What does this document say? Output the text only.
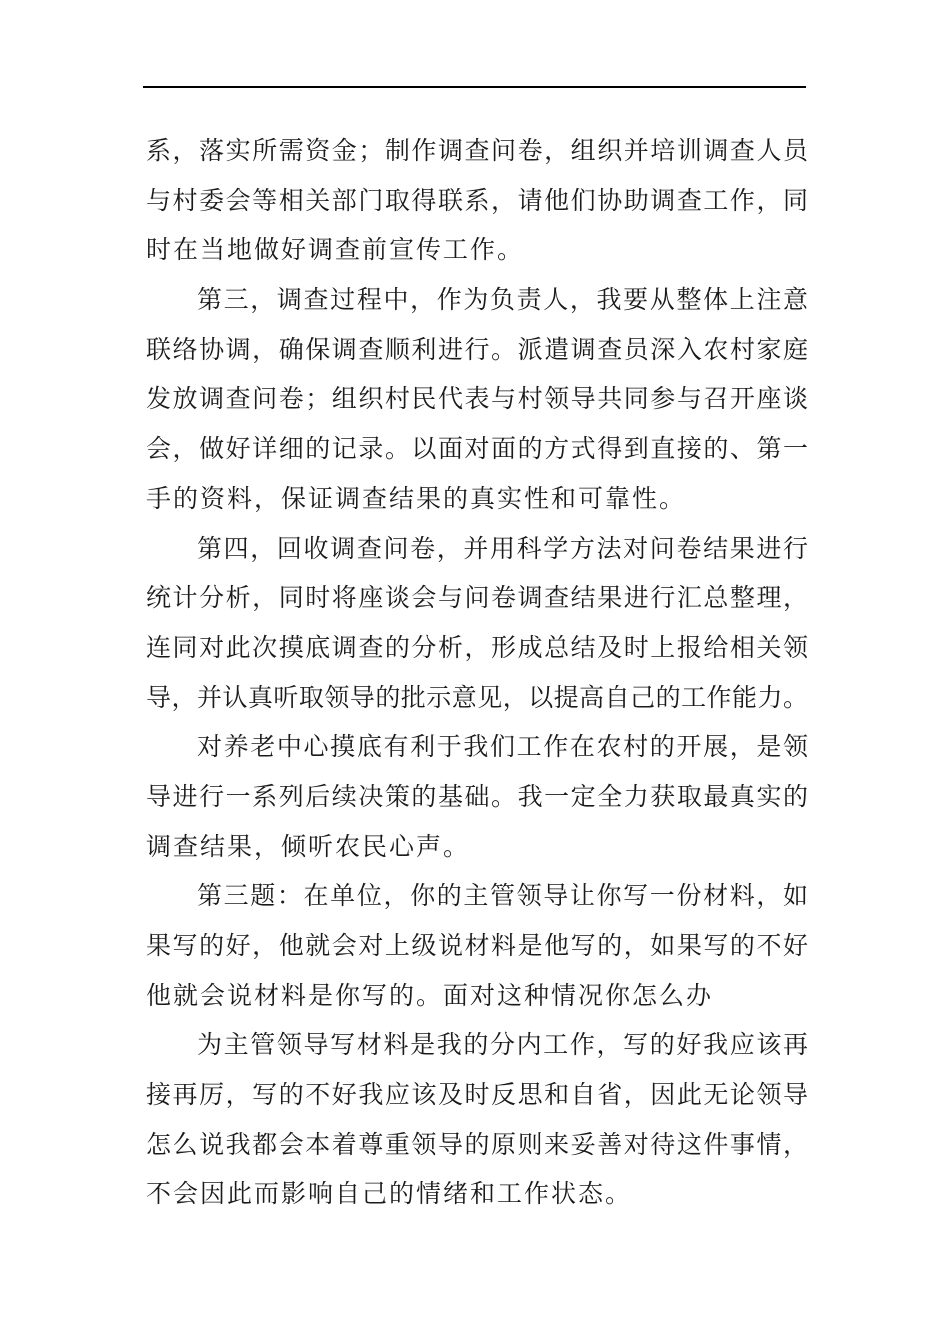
系，落实所需资金；制作调查问卷，组织并培训调查人员
与村委会等相关部门取得联系，请他们协助调查工作，同
时在当地做好调查前宣传工作。
第三，调查过程中，作为负责人，我要从整体上注意
联络协调，确保调查顺利进行。派遣调查员深入农村家庭
发放调查问卷；组织村民代表与村领导共同参与召开座谈
会，做好详细的记录。以面对面的方式得到直接的、第一
手的资料，保证调查结果的真实性和可靠性。
第四，回收调查问卷，并用科学方法对问卷结果进行
统计分析，同时将座谈会与问卷调查结果进行汇总整理，
连同对此次摸底调查的分析，形成总结及时上报给相关领
导，并认真听取领导的批示意见，以提高自己的工作能力。
对养老中心摸底有利于我们工作在农村的开展，是领
导进行一系列后续决策的基础。我一定全力获取最真实的
调查结果，倾听农民心声。
第三题：在单位，你的主管领导让你写一份材料，如
果写的好，他就会对上级说材料是他写的，如果写的不好
他就会说材料是你写的。面对这种情况你怎么办
为主管领导写材料是我的分内工作，写的好我应该再
接再厉，写的不好我应该及时反思和自省，因此无论领导
怎么说我都会本着尊重领导的原则来妥善对待这件事情，
不会因此而影响自己的情绪和工作状态。
